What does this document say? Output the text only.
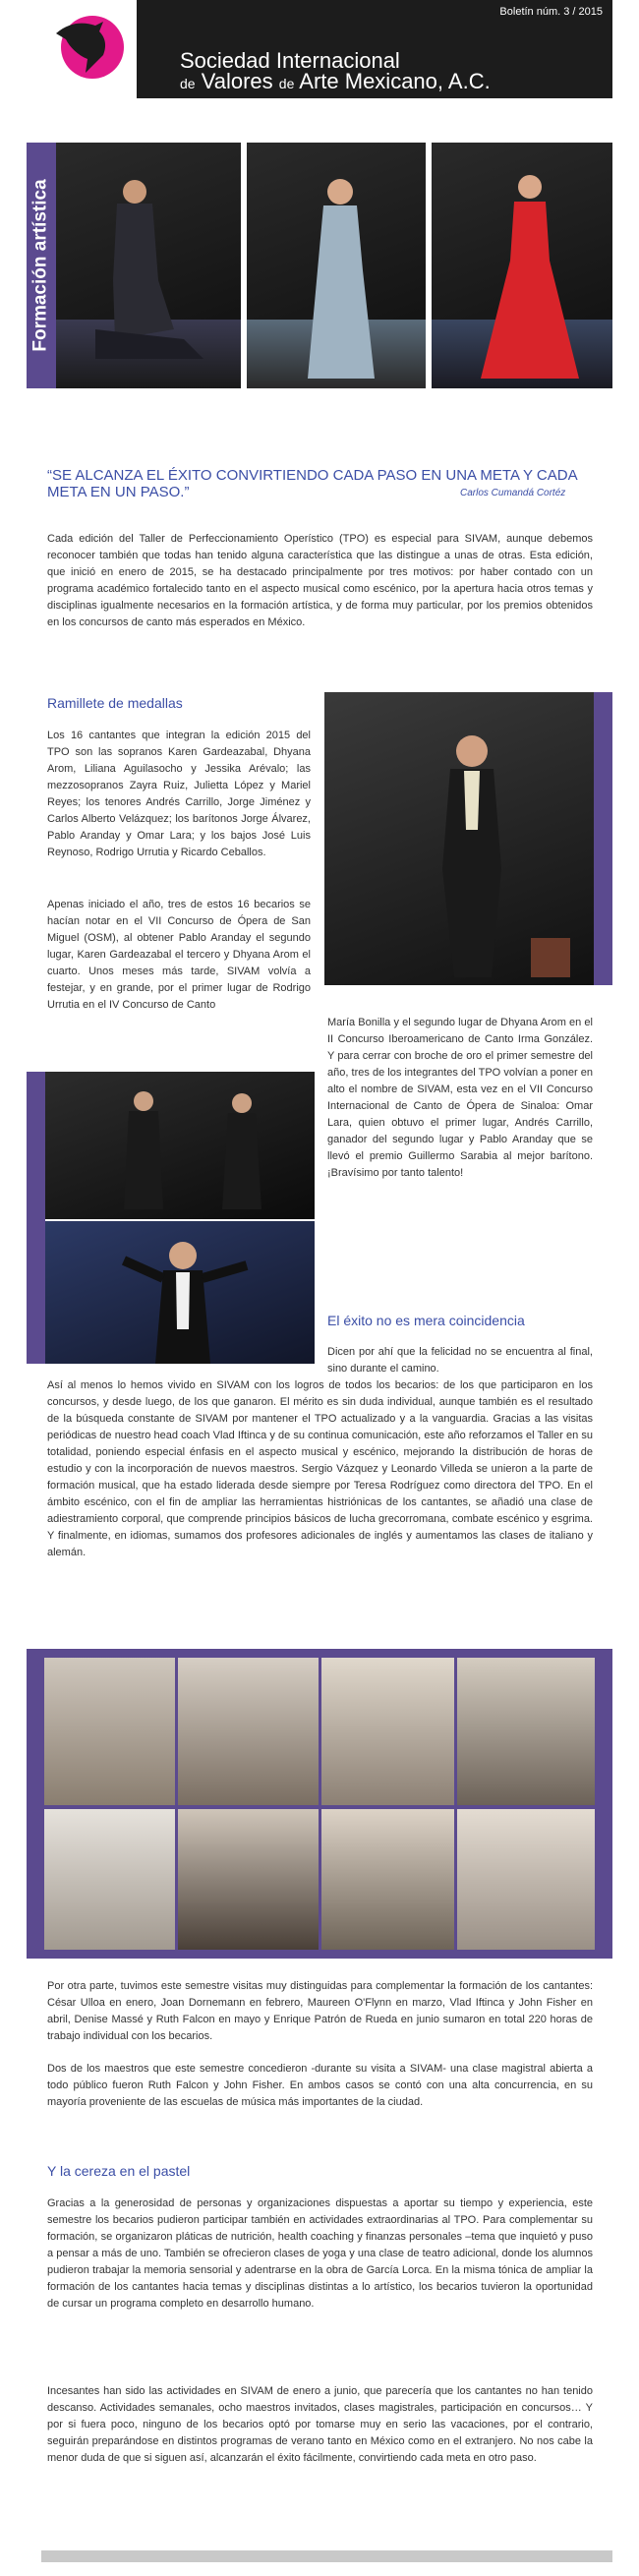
Boletín núm. 3 / 2015
Sociedad Internacional
de Valores de Arte Mexicano, A.C.
Formación artística
“SE ALCANZA EL ÉXITO CONVIRTIENDO CADA PASO EN UNA META Y CADA META EN UN PASO.”	Carlos Cumandá Cortéz
Cada edición del Taller de Perfeccionamiento Operístico (TPO) es especial para SIVAM, aunque debemos reconocer también que todas han tenido alguna característica que las distingue a unas de otras. Esta edición, que inició en enero de 2015, se ha destacado principalmente por tres motivos: por haber contado con un programa académico fortalecido tanto en el aspecto musical como escénico, por la apertura hacia otros temas y disciplinas igualmente necesarios en la formación artística, y de forma muy particular, por los premios obtenidos en los concursos de canto más esperados en México.
Ramillete de medallas
Los 16 cantantes que integran la edición 2015 del TPO son las sopranos Karen Gardeazabal, Dhyana Arom, Liliana Aguilasocho y Jessika Arévalo; las mezzosopranos Zayra Ruiz, Julietta López y Mariel Reyes; los tenores Andrés Carrillo, Jorge Jiménez y Carlos Alberto Velázquez; los barítonos Jorge Álvarez, Pablo Aranday y Omar Lara; y los bajos José Luis Reynoso, Rodrigo Urrutia y Ricardo Ceballos.
Apenas iniciado el año, tres de estos 16 becarios se hacían notar en el VII Concurso de Ópera de San Miguel (OSM), al obtener Pablo Aranday el segundo lugar, Karen Gardeazabal el tercero y Dhyana Arom el cuarto. Unos meses más tarde, SIVAM volvía a festejar, y en grande, por el primer lugar de Rodrigo Urrutia en el IV Concurso de Canto
María Bonilla y el segundo lugar de Dhyana Arom en el II Concurso Iberoamericano de Canto Irma González. Y para cerrar con broche de oro el primer semestre del año, tres de los integrantes del TPO volvían a poner en alto el nombre de SIVAM, esta vez en el VII Concurso Internacional de Canto de Ópera de Sinaloa: Omar Lara, quien obtuvo el primer lugar, Andrés Carrillo, ganador del segundo lugar y Pablo Aranday que se llevó el premio Guillermo Sarabia al mejor barítono. ¡Bravísimo por tanto talento!
El éxito no es mera coincidencia
Dicen por ahí que la felicidad no se encuentra al final, sino durante el camino.
Así al menos lo hemos vivido en SIVAM con los logros de todos los becarios: de los que participaron en los concursos, y desde luego, de los que ganaron. El mérito es sin duda individual, aunque también es el resultado de la búsqueda constante de SIVAM por mantener el TPO actualizado y a la vanguardia. Gracias a las visitas periódicas de nuestro head coach Vlad Iftinca y de su continua comunicación, este año reforzamos el Taller en su totalidad, poniendo especial énfasis en el aspecto musical y escénico, mejorando la distribución de horas de estudio y con la incorporación de nuevos maestros. Sergio Vázquez y Leonardo Villeda se unieron a la parte de formación musical, que ha estado liderada desde siempre por Teresa Rodríguez como directora del TPO. En el ámbito escénico, con el fin de ampliar las herramientas histriónicas de los cantantes, se añadió una clase de adiestramiento corporal, que comprende principios básicos de lucha grecorromana, combate escénico y esgrima. Y finalmente, en idiomas, sumamos dos profesores adicionales de inglés y aumentamos las clases de italiano y alemán.
Por otra parte, tuvimos este semestre visitas muy distinguidas para complementar la formación de los cantantes: César Ulloa en enero, Joan Dornemann en febrero, Maureen O'Flynn en marzo, Vlad Iftinca y John Fisher en abril, Denise Massé y Ruth Falcon en mayo y Enrique Patrón de Rueda en junio sumaron en total 220 horas de trabajo individual con los becarios.
Dos de los maestros que este semestre concedieron -durante su visita a SIVAM- una clase magistral abierta a todo público fueron Ruth Falcon y John Fisher. En ambos casos se contó con una alta concurrencia, en su mayoría proveniente de las escuelas de música más importantes de la ciudad.
Y la cereza en el pastel
Gracias a la generosidad de personas y organizaciones dispuestas a aportar su tiempo y experiencia, este semestre los becarios pudieron participar también en actividades extraordinarias al TPO. Para complementar su formación, se organizaron pláticas de nutrición, health coaching y finanzas personales –tema que inquietó y puso a pensar a más de uno. También se ofrecieron clases de yoga y una clase de teatro adicional, donde los alumnos pudieron trabajar la memoria sensorial y adentrarse en la obra de García Lorca. En la misma tónica de ampliar la formación de los cantantes hacia temas y disciplinas distintas a lo artístico, los becarios tuvieron la oportunidad de cursar un programa completo en desarrollo humano.
Incesantes han sido las actividades en SIVAM de enero a junio, que parecería que los cantantes no han tenido descanso. Actividades semanales, ocho maestros invitados, clases magistrales, participación en concursos… Y por si fuera poco, ninguno de los becarios optó por tomarse muy en serio las vacaciones, por el contrario, seguirán preparándose en distintos programas de verano tanto en México como en el extranjero. No nos cabe la menor duda de que si siguen así, alcanzarán el éxito fácilmente, convirtiendo cada meta en otro paso.
